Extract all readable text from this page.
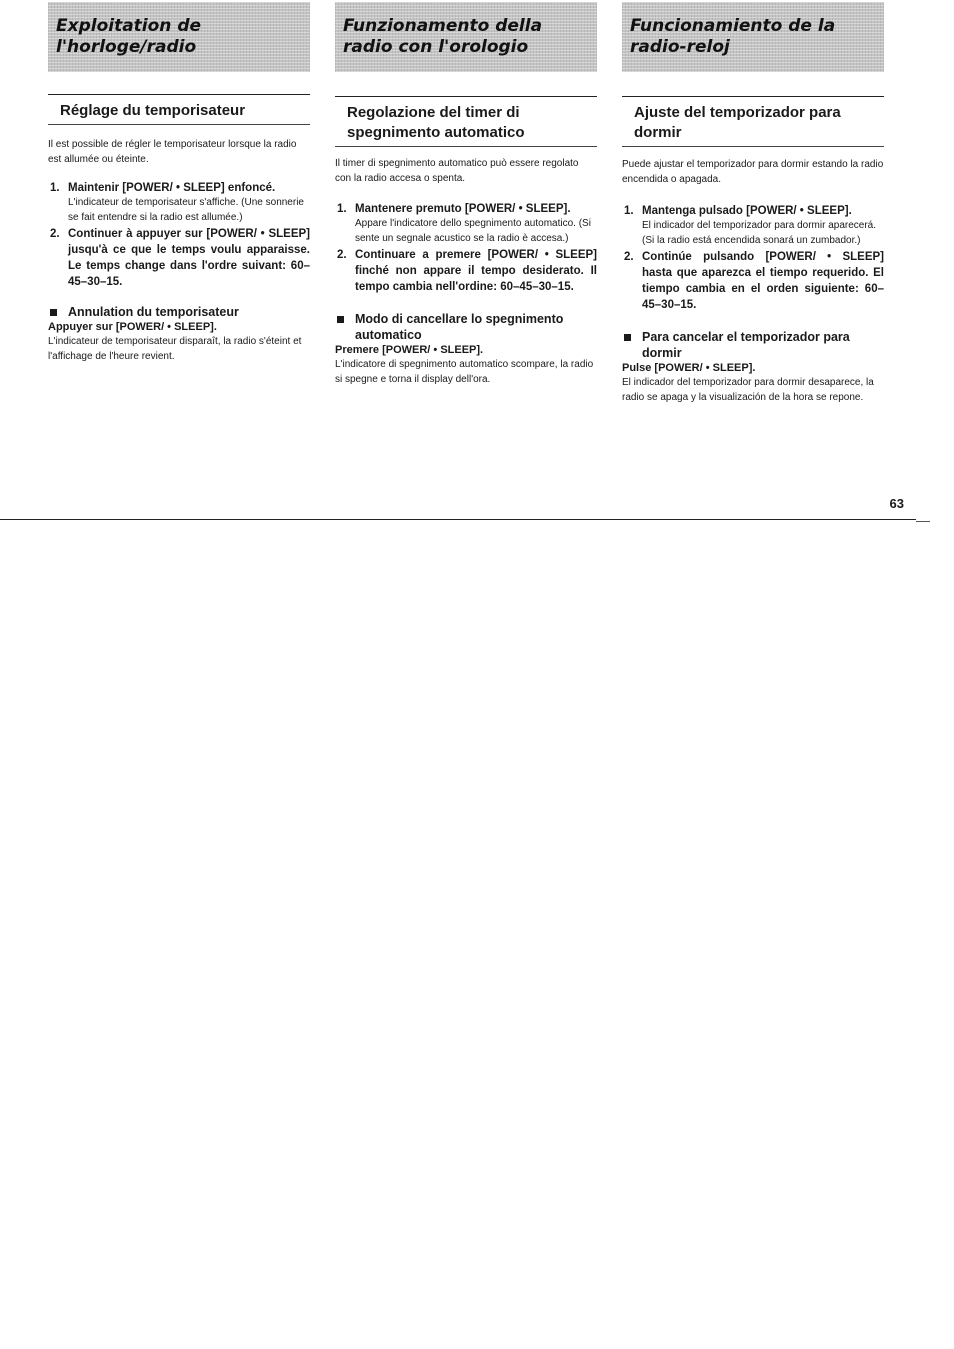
Exploitation de
l'horloge/radio

Réglage du temporisateur

Il est possible de régler le temporisateur lorsque la radio est allumée ou éteinte.

1. Maintenir [POWER/ • SLEEP] enfoncé.

L'indicateur de temporisateur s'affiche. (Une sonnerie se fait entendre si la radio est allumée.)

2. Continuer à appuyer sur [POWER/ • SLEEP] jusqu'à ce que le temps voulu apparaisse. Le temps change dans l'ordre suivant: 60–45–30–15.

Annulation du temporisateur

Appuyer sur [POWER/ • SLEEP].

L'indicateur de temporisateur disparaît, la radio s'éteint et l'affichage de l'heure revient.

Funzionamento della
radio con l'orologio

Regolazione del timer di
spegnimento automatico

Il timer di spegnimento automatico può essere regolato con la radio accesa o spenta.

1. Mantenere premuto [POWER/ • SLEEP].

Appare l'indicatore dello spegnimento automatico. (Si sente un segnale acustico se la radio è accesa.)

2. Continuare a premere [POWER/ • SLEEP] finché non appare il tempo desiderato. Il tempo cambia nell'ordine: 60–45–30–15.

Modo di cancellare lo spegnimento automatico

Premere [POWER/ • SLEEP].

L'indicatore di spegnimento automatico scompare, la radio si spegne e torna il display dell'ora.

Funcionamiento de la
radio-reloj

Ajuste del temporizador para
dormir

Puede ajustar el temporizador para dormir estando la radio encendida o apagada.

1. Mantenga pulsado [POWER/ • SLEEP].

El indicador del temporizador para dormir aparecerá. (Si la radio está encendida sonará un zumbador.)

2. Continúe pulsando [POWER/ • SLEEP] hasta que aparezca el tiempo requerido. El tiempo cambia en el orden siguiente: 60–45–30–15.

Para cancelar el temporizador para dormir

Pulse [POWER/ • SLEEP].

El indicador del temporizador para dormir desaparece, la radio se apaga y la visualización de la hora se repone.

63
